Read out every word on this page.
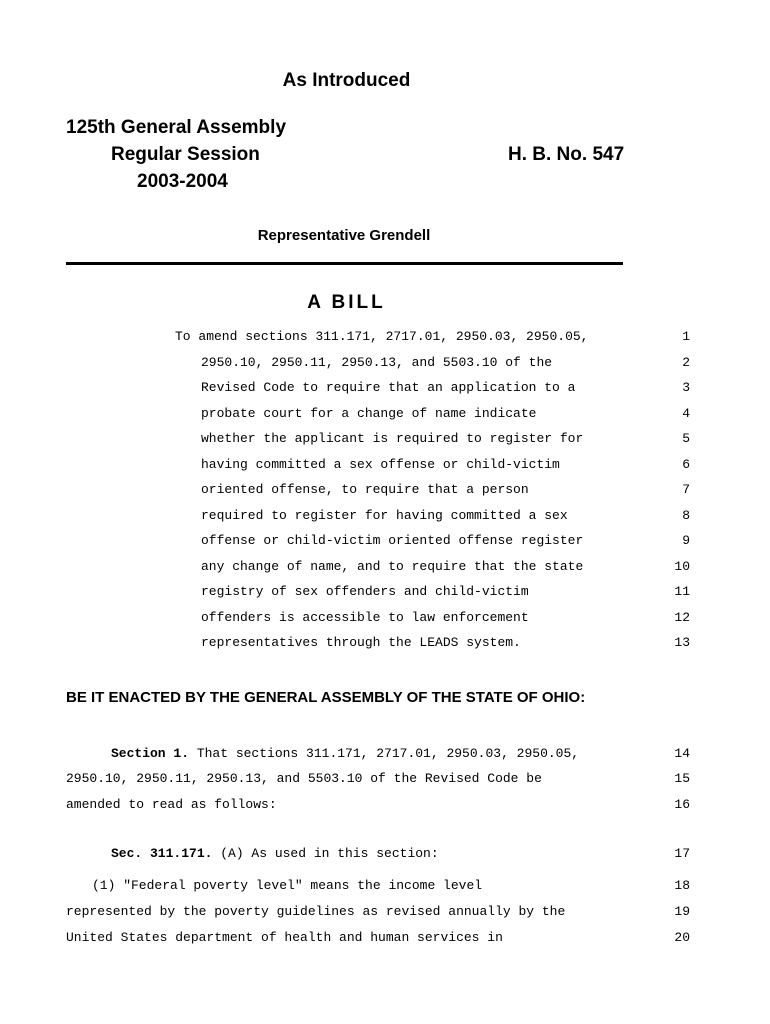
As Introduced
125th General Assembly
Regular Session
2003-2004
H. B. No. 547
Representative Grendell
A BILL
To amend sections 311.171, 2717.01, 2950.03, 2950.05,	1
2950.10, 2950.11, 2950.13, and 5503.10 of the	2
Revised Code to require that an application to a	3
probate court for a change of name indicate	4
whether the applicant is required to register for	5
having committed a sex offense or child-victim	6
oriented offense, to require that a person	7
required to register for having committed a sex	8
offense or child-victim oriented offense register	9
any change of name, and to require that the state	10
registry of sex offenders and child-victim	11
offenders is accessible to law enforcement	12
representatives through the LEADS system.	13
BE IT ENACTED BY THE GENERAL ASSEMBLY OF THE STATE OF OHIO:
Section 1. That sections 311.171, 2717.01, 2950.03, 2950.05,	14
2950.10, 2950.11, 2950.13, and 5503.10 of the Revised Code be	15
amended to read as follows:	16
Sec. 311.171. (A) As used in this section:	17
(1) "Federal poverty level" means the income level	18
represented by the poverty guidelines as revised annually by the	19
United States department of health and human services in	20
